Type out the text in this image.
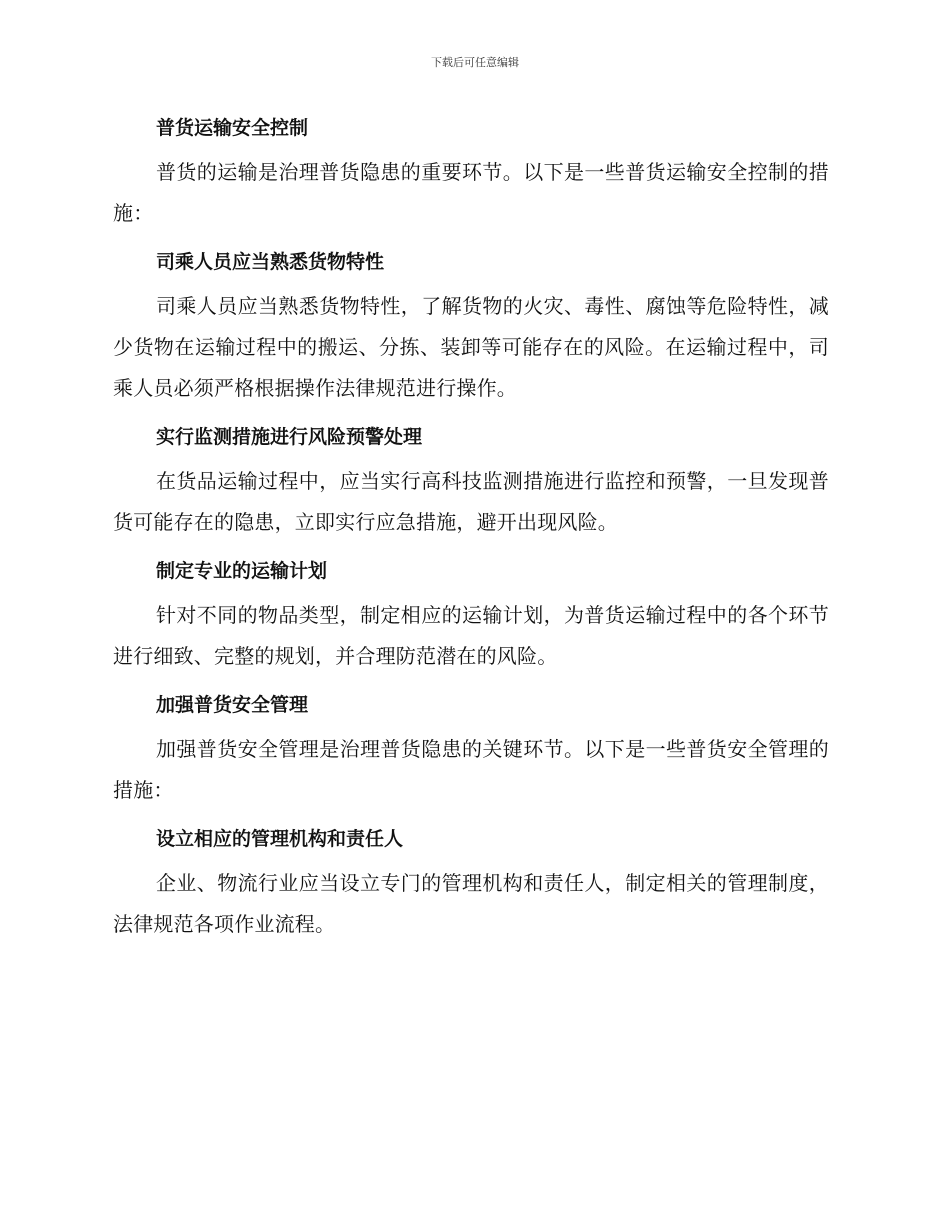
下载后可任意编辑
普货运输安全控制

普货的运输是治理普货隐患的重要环节。以下是一些普货运输安全控制的措施：

司乘人员应当熟悉货物特性

司乘人员应当熟悉货物特性，了解货物的火灾、毒性、腐蚀等危险特性，减少货物在运输过程中的搬运、分拣、装卸等可能存在的风险。在运输过程中，司乘人员必须严格根据操作法律规范进行操作。

实行监测措施进行风险预警处理

在货品运输过程中，应当实行高科技监测措施进行监控和预警，一旦发现普货可能存在的隐患，立即实行应急措施，避开出现风险。

制定专业的运输计划

针对不同的物品类型，制定相应的运输计划，为普货运输过程中的各个环节进行细致、完整的规划，并合理防范潜在的风险。

加强普货安全管理

加强普货安全管理是治理普货隐患的关键环节。以下是一些普货安全管理的措施：

设立相应的管理机构和责任人

企业、物流行业应当设立专门的管理机构和责任人，制定相关的管理制度，法律规范各项作业流程。
